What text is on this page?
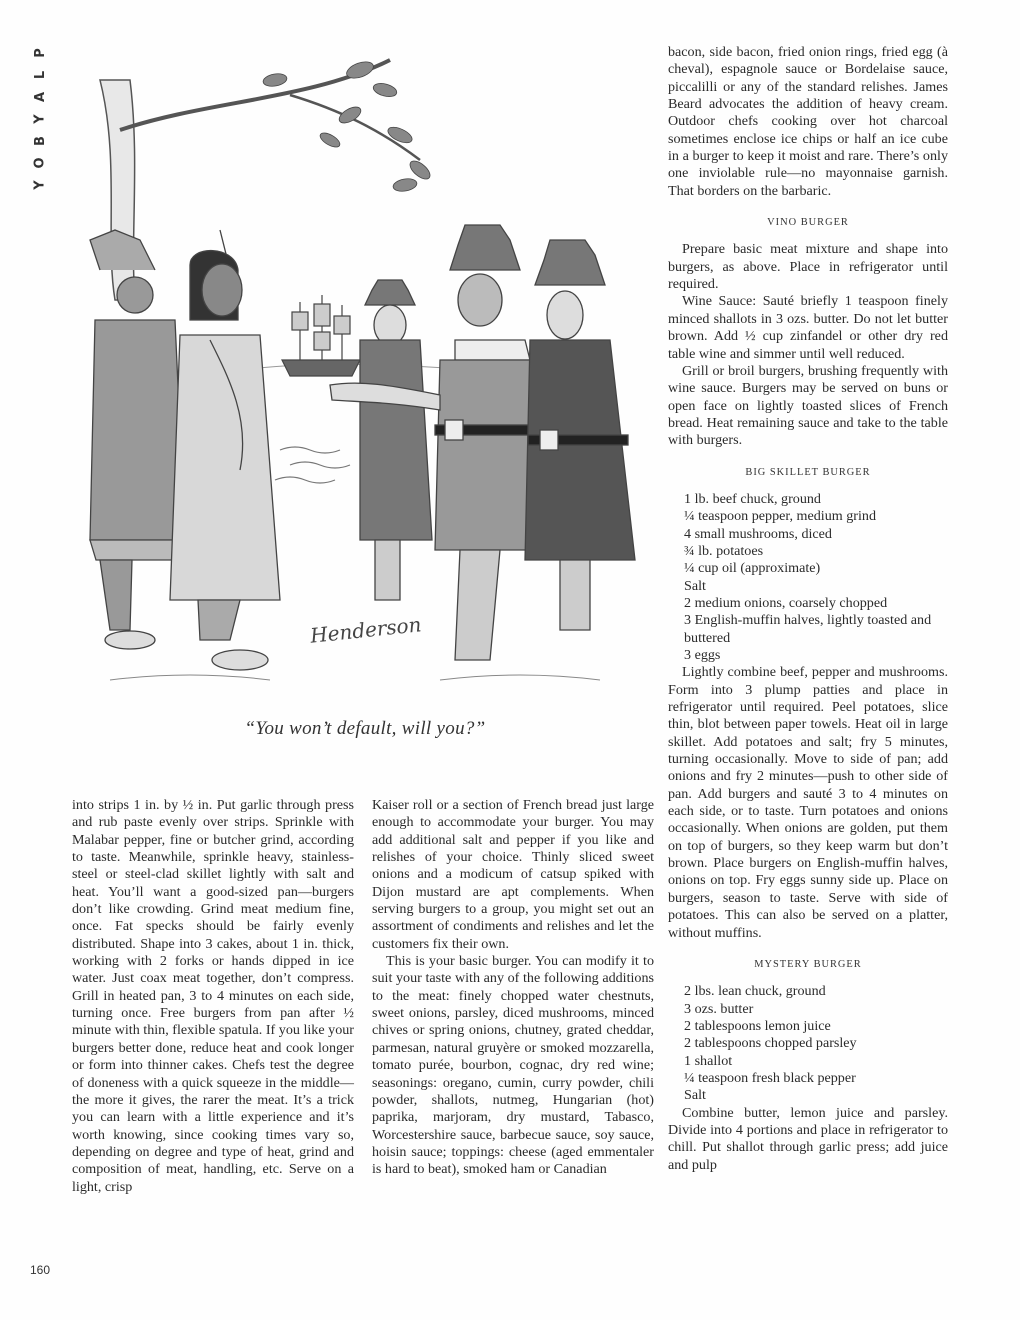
P
L
A
Y
B
O
Y
Henderson
“You won’t default, will you?”

into strips 1 in. by ½ in. Put garlic through press and rub paste evenly over strips. Sprinkle with Malabar pepper, fine or butcher grind, according to taste. Meanwhile, sprinkle heavy, stainless-steel or steel-clad skillet lightly with salt and heat. You’ll want a good-sized pan—burgers don’t like crowding. Grind meat medium fine, once. Fat specks should be fairly evenly distributed. Shape into 3 cakes, about 1 in. thick, working with 2 forks or hands dipped in ice water. Just coax meat together, don’t compress. Grill in heated pan, 3 to 4 minutes on each side, turning once. Free burgers from pan after ½ minute with thin, flexible spatula. If you like your burgers better done, reduce heat and cook longer or form into thinner cakes. Chefs test the degree of doneness with a quick squeeze in the middle—the more it gives, the rarer the meat. It’s a trick you can learn with a little experience and it’s worth knowing, since cooking times vary so, depending on degree and type of heat, grind and composition of meat, handling, etc. Serve on a light, crisp

Kaiser roll or a section of French bread just large enough to accommodate your burger. You may add additional salt and pepper if you like and relishes of your choice. Thinly sliced sweet onions and a modicum of catsup spiked with Dijon mustard are apt complements. When serving burgers to a group, you might set out an assortment of condiments and relishes and let the customers fix their own.

This is your basic burger. You can modify it to suit your taste with any of the following additions to the meat: finely chopped water chestnuts, sweet onions, parsley, diced mushrooms, minced chives or spring onions, chutney, grated cheddar, parmesan, natural gruyère or smoked mozzarella, tomato purée, bourbon, cognac, dry red wine; seasonings: oregano, cumin, curry powder, chili powder, shallots, nutmeg, Hungarian (hot) paprika, marjoram, dry mustard, Tabasco, Worcestershire sauce, barbecue sauce, soy sauce, hoisin sauce; toppings: cheese (aged emmentaler is hard to beat), smoked ham or Canadian

bacon, side bacon, fried onion rings, fried egg (à cheval), espagnole sauce or Bordelaise sauce, piccalilli or any of the standard relishes. James Beard advocates the addition of heavy cream. Outdoor chefs cooking over hot charcoal sometimes enclose ice chips or half an ice cube in a burger to keep it moist and rare. There’s only one inviolable rule—no mayonnaise garnish. That borders on the barbaric.

VINO BURGER

Prepare basic meat mixture and shape into burgers, as above. Place in refrigerator until required.

Wine Sauce: Sauté briefly 1 teaspoon finely minced shallots in 3 ozs. butter. Do not let butter brown. Add ½ cup zinfandel or other dry red table wine and simmer until well reduced.

Grill or broil burgers, brushing frequently with wine sauce. Burgers may be served on buns or open face on lightly toasted slices of French bread. Heat remaining sauce and take to the table with burgers.

BIG SKILLET BURGER
1 lb. beef chuck, ground
¼ teaspoon pepper, medium grind
4 small mushrooms, diced
¾ lb. potatoes
¼ cup oil (approximate)
Salt
2 medium onions, coarsely chopped
3 English-muffin halves, lightly toasted and buttered
3 eggs

Lightly combine beef, pepper and mushrooms. Form into 3 plump patties and place in refrigerator until required. Peel potatoes, slice thin, blot between paper towels. Heat oil in large skillet. Add potatoes and salt; fry 5 minutes, turning occasionally. Move to side of pan; add onions and fry 2 minutes—push to other side of pan. Add burgers and sauté 3 to 4 minutes on each side, or to taste. Turn potatoes and onions occasionally. When onions are golden, put them on top of burgers, so they keep warm but don’t brown. Place burgers on English-muffin halves, onions on top. Fry eggs sunny side up. Place on burgers, season to taste. Serve with side of potatoes. This can also be served on a platter, without muffins.

MYSTERY BURGER
2 lbs. lean chuck, ground
3 ozs. butter
2 tablespoons lemon juice
2 tablespoons chopped parsley
1 shallot
¼ teaspoon fresh black pepper
Salt

Combine butter, lemon juice and parsley. Divide into 4 portions and place in refrigerator to chill. Put shallot through garlic press; add juice and pulp

160
